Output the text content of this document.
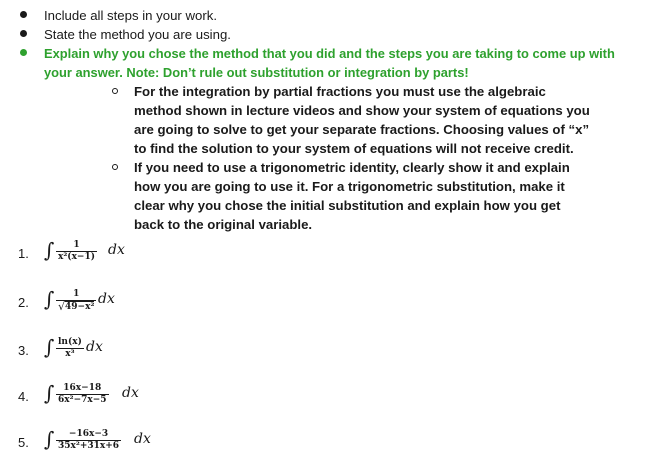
Include all steps in your work.
State the method you are using.
Explain why you chose the method that you did and the steps you are taking to come up with your answer. Note: Don’t rule out substitution or integration by parts!
For the integration by partial fractions you must use the algebraic method shown in lecture videos and show your system of equations you are going to solve to get your separate fractions. Choosing values of “x” to find the solution to your system of equations will not receive credit.
If you need to use a trigonometric identity, clearly show it and explain how you are going to use it. For a trigonometric substitution, make it clear why you chose the initial substitution and explain how you get back to the original variable.
1. ∫ 1
x²(x−1) dx
2. ∫ 1
√ 49−x² dx
3. ∫ ln(x)
x³ dx
4. ∫ 16x−18
6x²−7x−5 dx
5. ∫ −16x−3
35x²+31x+6 dx
